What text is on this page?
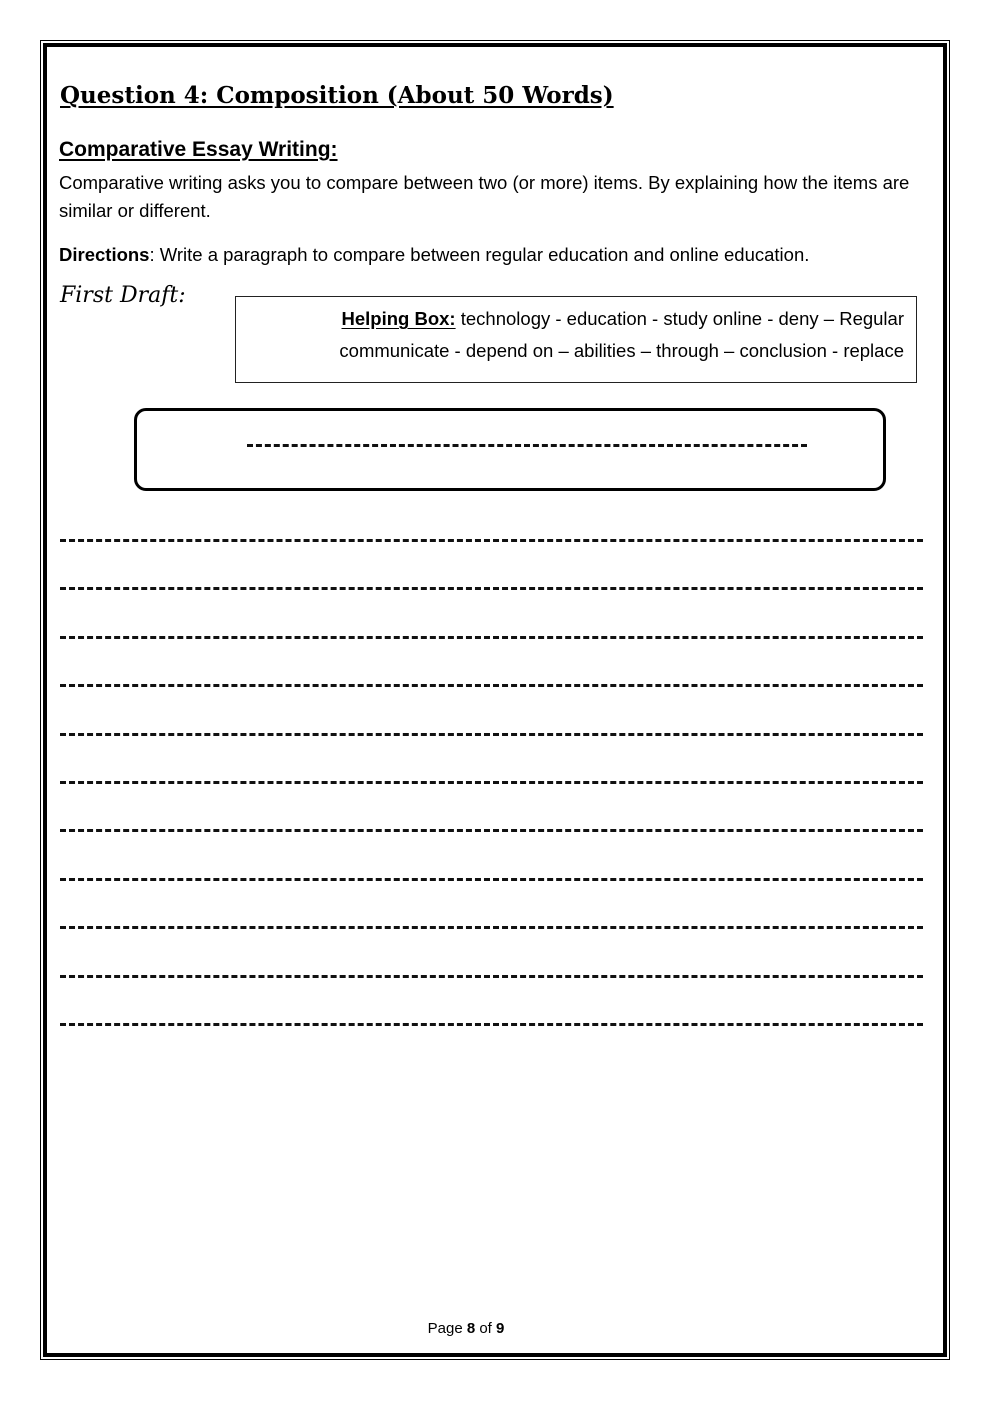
Question 4: Composition (About 50 Words)
Comparative Essay Writing:
Comparative writing asks you to compare between two (or more) items. By explaining how the items are similar or different.
Directions: Write a paragraph to compare between regular education and online education.
First Draft:
Helping Box: technology - education - study online - deny – Regular
communicate - depend on – abilities – through – conclusion - replace
Page 8 of 9
